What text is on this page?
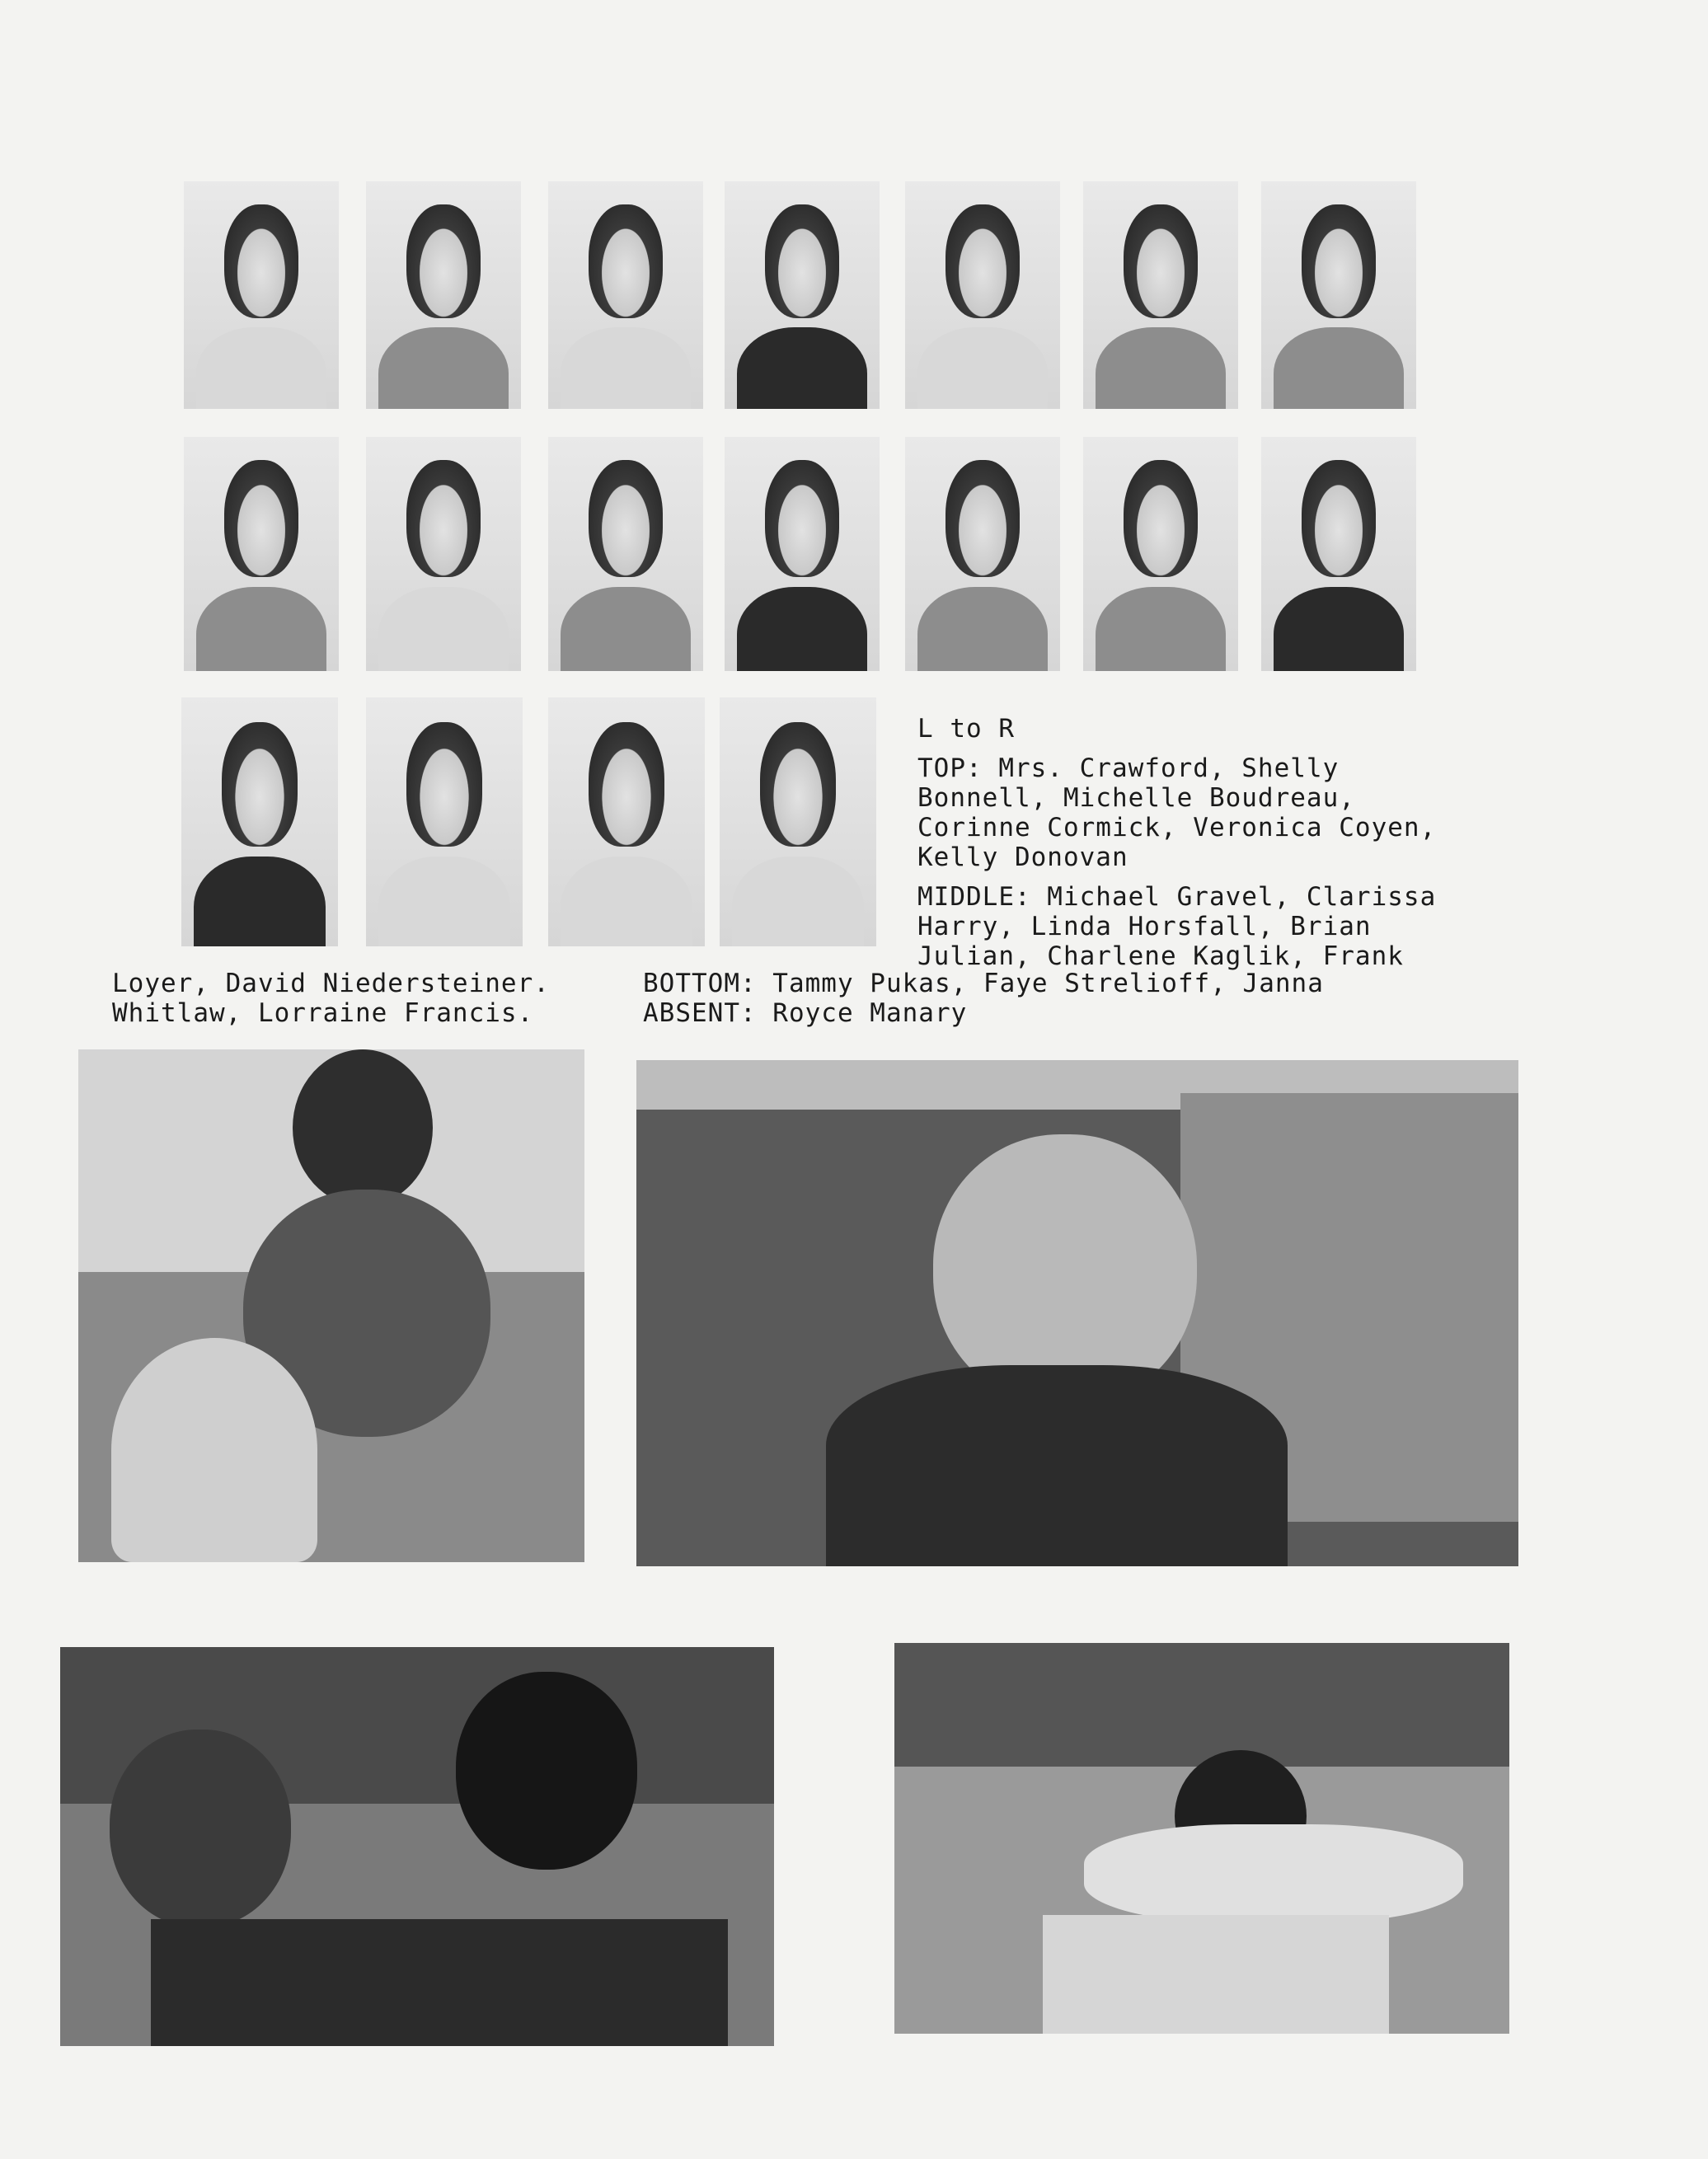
L to R
TOP: Mrs. Crawford, Shelly
Bonnell, Michelle Boudreau,
Corinne Cormick, Veronica Coyen,
Kelly Donovan
MIDDLE: Michael Gravel, Clarissa
Harry, Linda Horsfall, Brian
Julian, Charlene Kaglik, Frank
BOTTOM: Tammy Pukas, Faye Strelioff, Janna
ABSENT: Royce Manary
Loyer, David Niedersteiner.
Whitlaw, Lorraine Francis.
